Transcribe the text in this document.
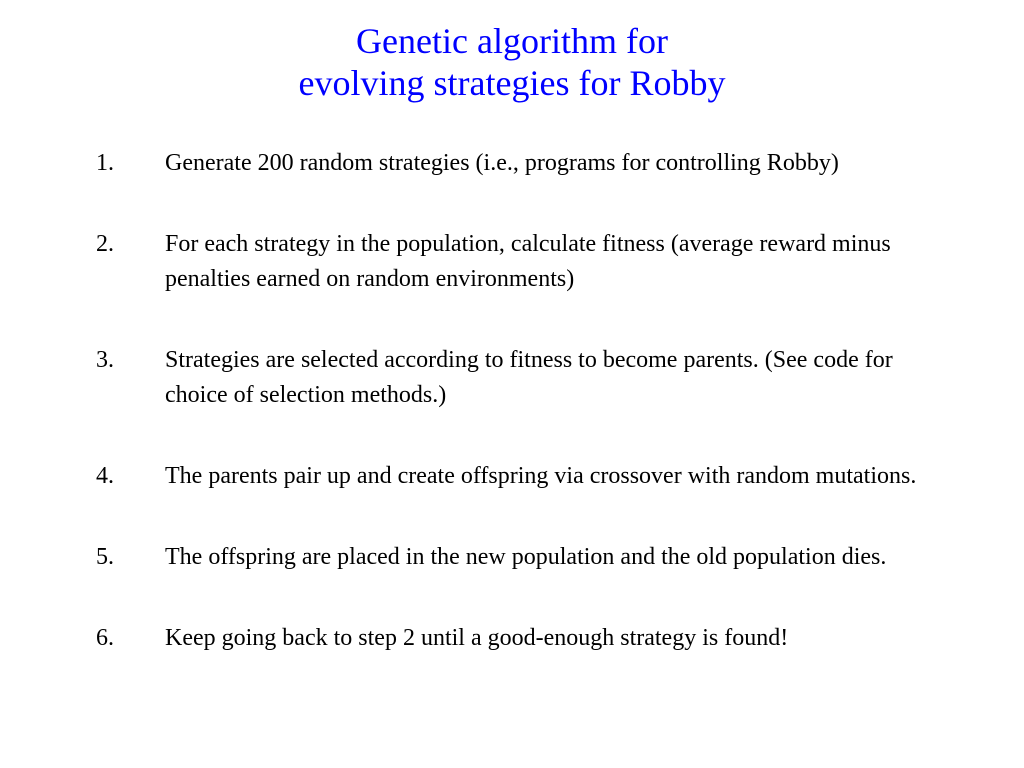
Genetic algorithm for
evolving strategies for Robby
1.	Generate 200 random strategies (i.e., programs for controlling Robby)
2.	For each strategy in the population, calculate fitness (average reward minus penalties earned on random environments)
3.	Strategies are selected according to fitness to become parents. (See code for choice of selection methods.)
4.	The parents pair up and create offspring via crossover with random mutations.
5.	The offspring are placed in the new population and the old population dies.
6.	Keep going back to step 2 until a good-enough strategy is found!
